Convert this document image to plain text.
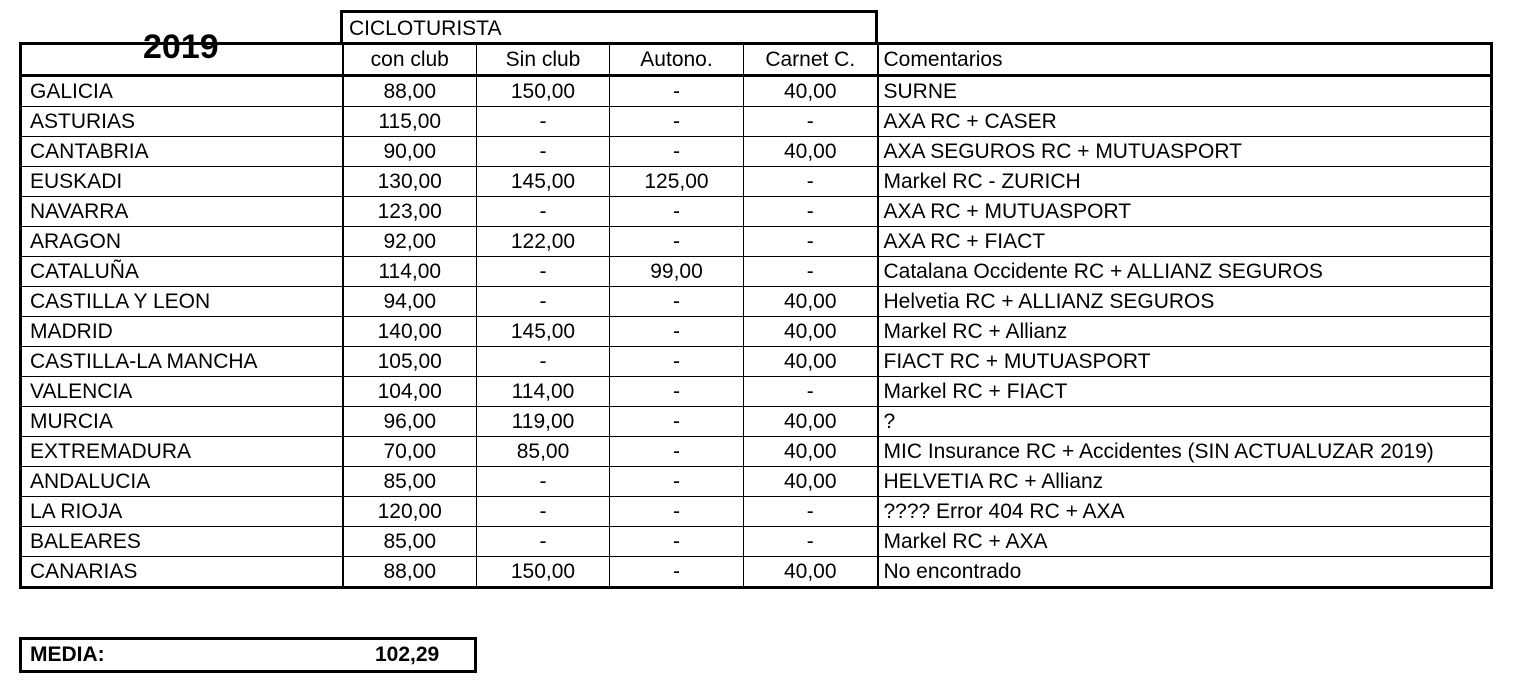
2019	CICLOTURISTA
	con club	Sin club	Autono.	Carnet C.	Comentarios
GALICIA	88,00	150,00	-	40,00	SURNE
ASTURIAS	115,00	-	-	-	AXA RC + CASER
CANTABRIA	90,00	-	-	40,00	AXA SEGUROS RC + MUTUASPORT
EUSKADI	130,00	145,00	125,00	-	Markel RC - ZURICH
NAVARRA	123,00	-	-	-	AXA RC + MUTUASPORT
ARAGON	92,00	122,00	-	-	AXA RC + FIACT
CATALUÑA	114,00	-	99,00	-	Catalana Occidente RC + ALLIANZ SEGUROS
CASTILLA Y LEON	94,00	-	-	40,00	Helvetia RC + ALLIANZ SEGUROS
MADRID	140,00	145,00	-	40,00	Markel RC + Allianz
CASTILLA-LA MANCHA	105,00	-	-	40,00	FIACT RC + MUTUASPORT
VALENCIA	104,00	114,00	-	-	Markel RC + FIACT
MURCIA	96,00	119,00	-	40,00	?
EXTREMADURA	70,00	85,00	-	40,00	MIC Insurance RC + Accidentes (SIN ACTUALUZAR 2019)
ANDALUCIA	85,00	-	-	40,00	HELVETIA RC + Allianz
LA RIOJA	120,00	-	-	-	???? Error 404 RC + AXA
BALEARES	85,00	-	-	-	Markel RC + AXA
CANARIAS	88,00	150,00	-	40,00	No encontrado
MEDIA:	102,29
